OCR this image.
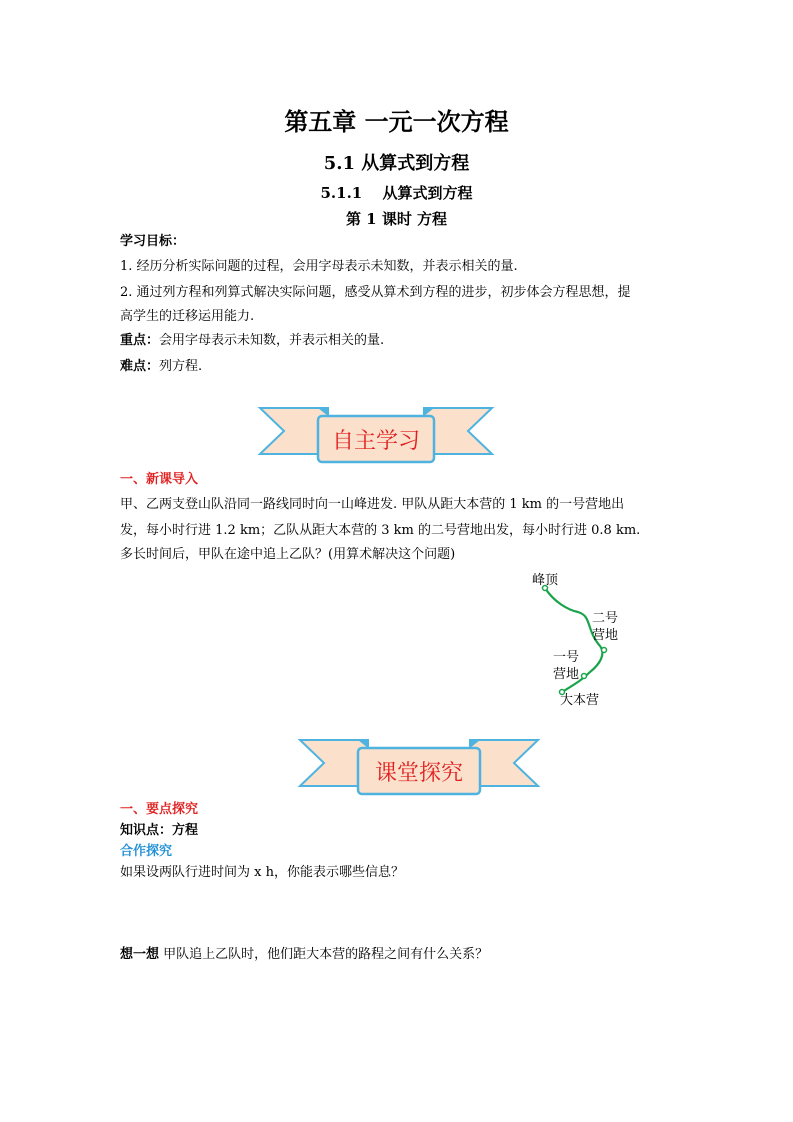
第五章 一元一次方程
5.1 从算式到方程
5.1.1 从算式到方程
第 1 课时 方程
学习目标：
1. 经历分析实际问题的过程，会用字母表示未知数，并表示相关的量.
2. 通过列方程和列算式解决实际问题，感受从算术到方程的进步，初步体会方程思想，提
高学生的迁移运用能力.
重点：会用字母表示未知数，并表示相关的量.
难点：列方程.
自主学习
一、新课导入
甲、乙两支登山队沿同一路线同时向一山峰进发. 甲队从距大本营的 1 km 的一号营地出
发，每小时行进 1.2 km；乙队从距大本营的 3 km 的二号营地出发，每小时行进 0.8 km.
多长时间后，甲队在途中追上乙队？(用算术解决这个问题)
峰顶
二号
营地
一号
营地
大本营
课堂探究
一、要点探究
知识点：方程
合作探究
如果设两队行进时间为 x h，你能表示哪些信息？
想一想 甲队追上乙队时，他们距大本营的路程之间有什么关系？
